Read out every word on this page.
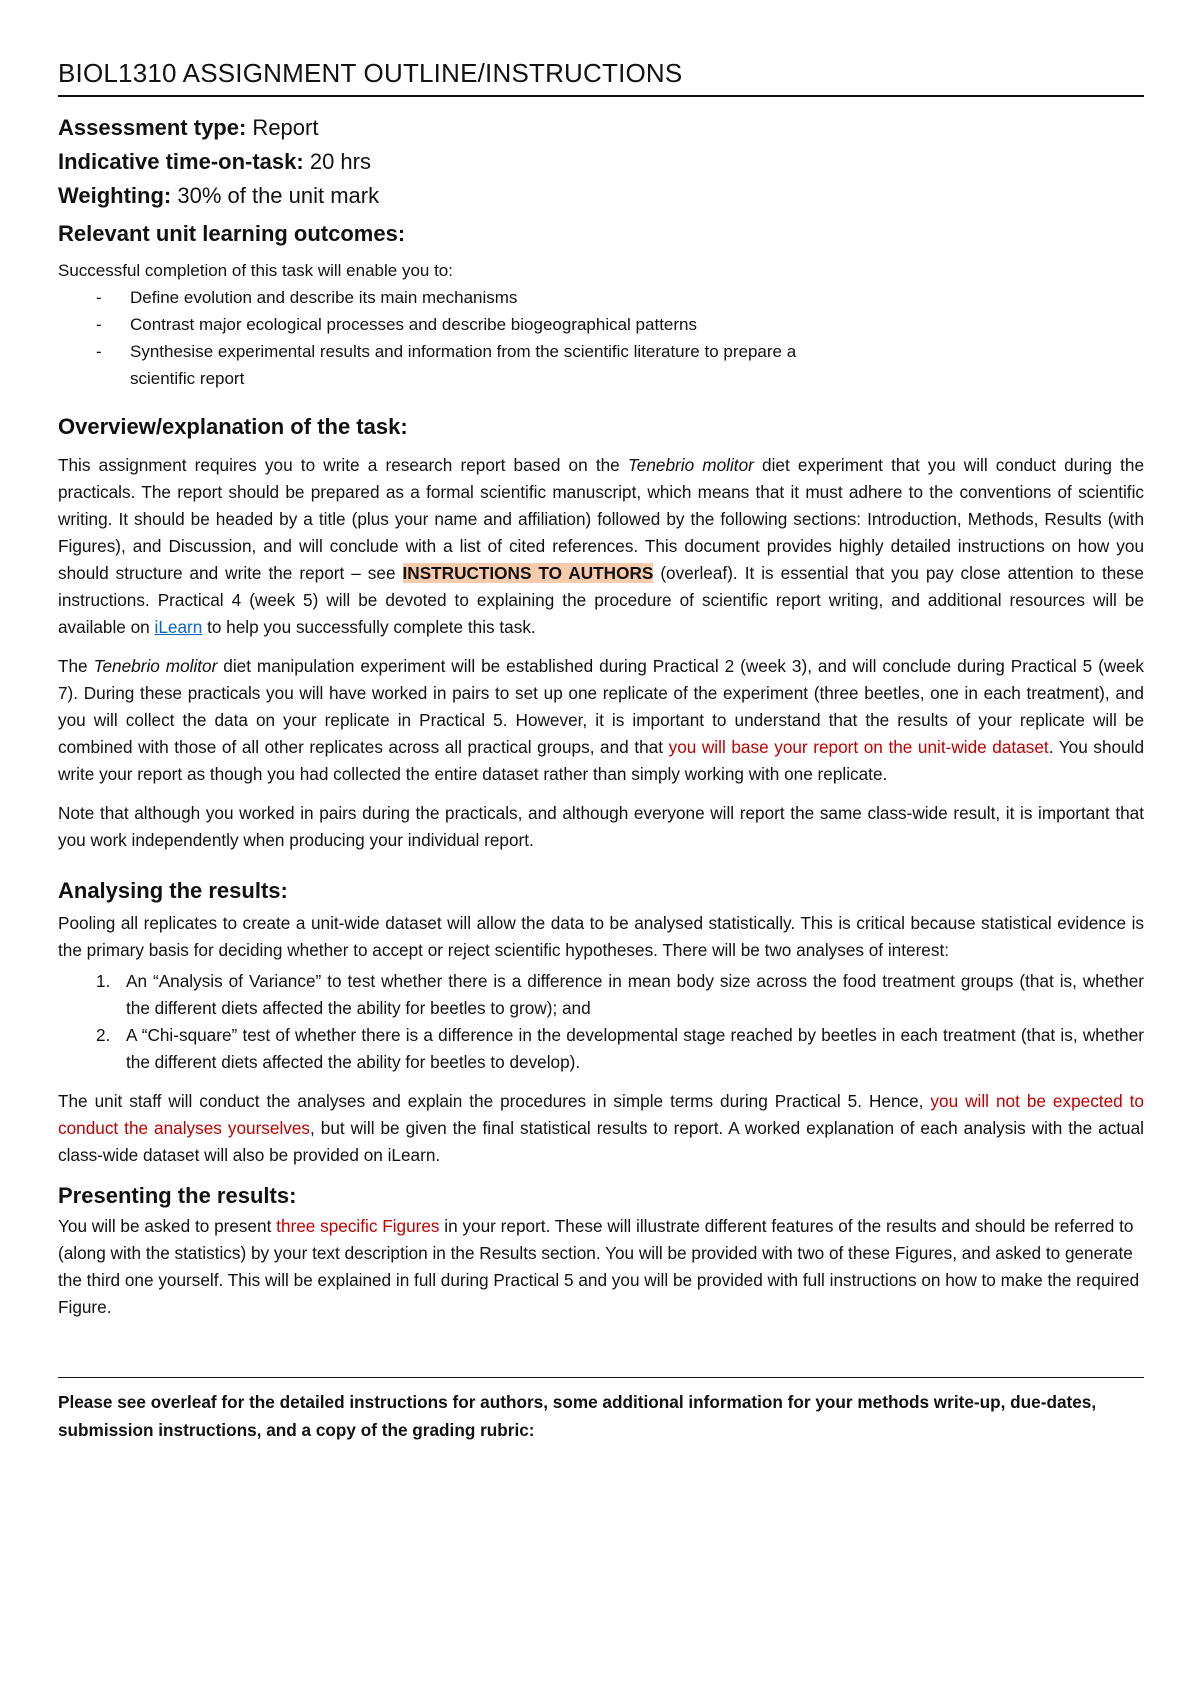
BIOL1310 ASSIGNMENT OUTLINE/INSTRUCTIONS
Assessment type: Report
Indicative time-on-task: 20 hrs
Weighting: 30% of the unit mark
Relevant unit learning outcomes:
Successful completion of this task will enable you to:
- Define evolution and describe its main mechanisms
- Contrast major ecological processes and describe biogeographical patterns
- Synthesise experimental results and information from the scientific literature to prepare a scientific report
Overview/explanation of the task:

This assignment requires you to write a research report based on the Tenebrio molitor diet experiment that you will conduct during the practicals. The report should be prepared as a formal scientific manuscript, which means that it must adhere to the conventions of scientific writing. It should be headed by a title (plus your name and affiliation) followed by the following sections: Introduction, Methods, Results (with Figures), and Discussion, and will conclude with a list of cited references. This document provides highly detailed instructions on how you should structure and write the report – see INSTRUCTIONS TO AUTHORS (overleaf). It is essential that you pay close attention to these instructions. Practical 4 (week 5) will be devoted to explaining the procedure of scientific report writing, and additional resources will be available on iLearn to help you successfully complete this task.

The Tenebrio molitor diet manipulation experiment will be established during Practical 2 (week 3), and will conclude during Practical 5 (week 7). During these practicals you will have worked in pairs to set up one replicate of the experiment (three beetles, one in each treatment), and you will collect the data on your replicate in Practical 5. However, it is important to understand that the results of your replicate will be combined with those of all other replicates across all practical groups, and that you will base your report on the unit-wide dataset. You should write your report as though you had collected the entire dataset rather than simply working with one replicate.

Note that although you worked in pairs during the practicals, and although everyone will report the same class-wide result, it is important that you work independently when producing your individual report.

Analysing the results:

Pooling all replicates to create a unit-wide dataset will allow the data to be analysed statistically. This is critical because statistical evidence is the primary basis for deciding whether to accept or reject scientific hypotheses. There will be two analyses of interest:

1. An “Analysis of Variance” to test whether there is a difference in mean body size across the food treatment groups (that is, whether the different diets affected the ability for beetles to grow); and
2. A “Chi-square” test of whether there is a difference in the developmental stage reached by beetles in each treatment (that is, whether the different diets affected the ability for beetles to develop).

The unit staff will conduct the analyses and explain the procedures in simple terms during Practical 5. Hence, you will not be expected to conduct the analyses yourselves, but will be given the final statistical results to report. A worked explanation of each analysis with the actual class-wide dataset will also be provided on iLearn.

Presenting the results:

You will be asked to present three specific Figures in your report. These will illustrate different features of the results and should be referred to (along with the statistics) by your text description in the Results section. You will be provided with two of these Figures, and asked to generate the third one yourself. This will be explained in full during Practical 5 and you will be provided with full instructions on how to make the required Figure.

Please see overleaf for the detailed instructions for authors, some additional information for your methods write-up, due-dates, submission instructions, and a copy of the grading rubric:
